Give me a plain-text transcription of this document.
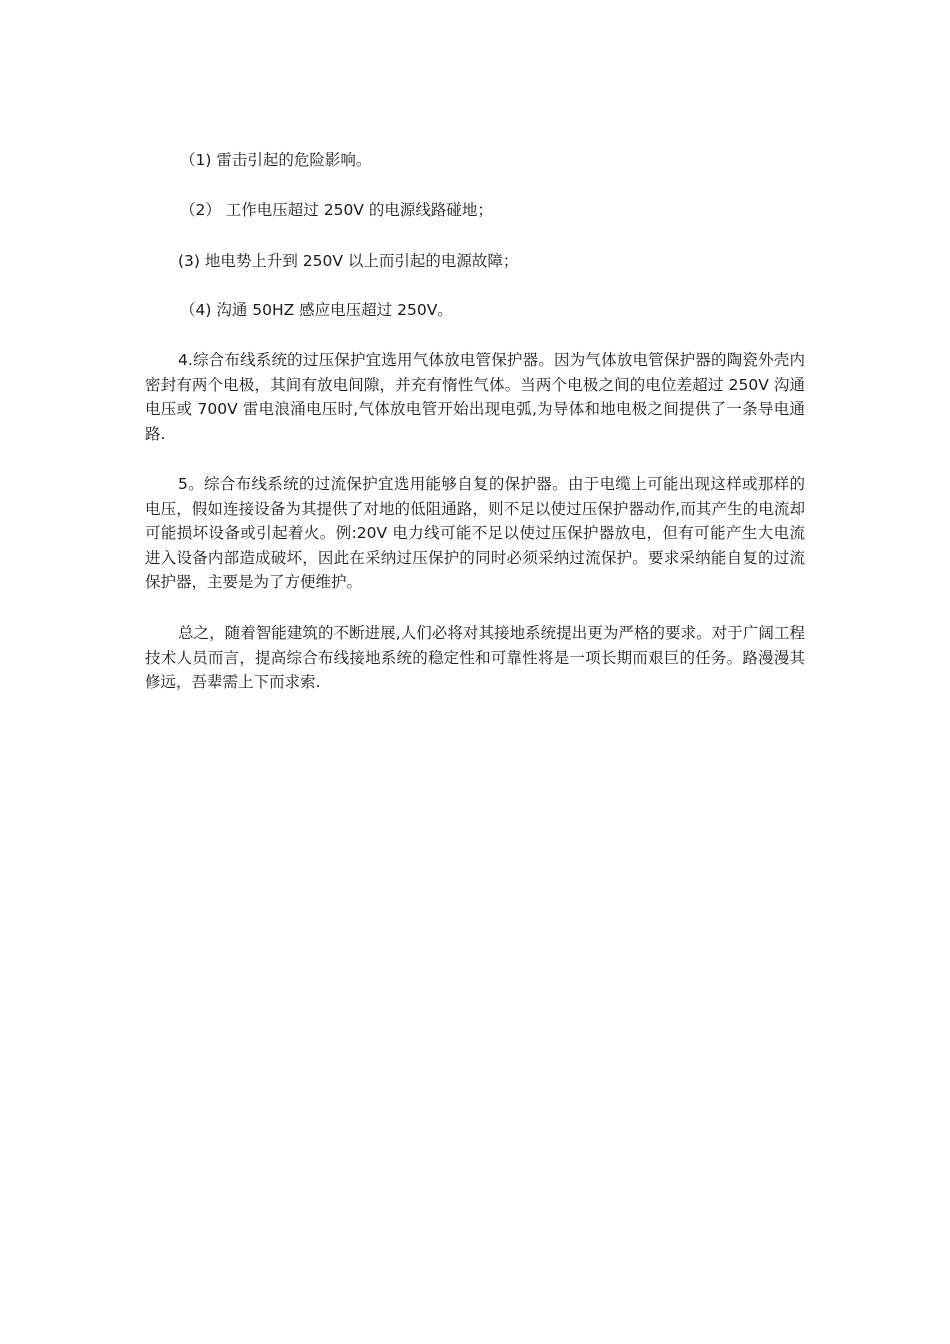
（1) 雷击引起的危险影响。

（2） 工作电压超过 250V 的电源线路碰地；

(3) 地电势上升到 250V 以上而引起的电源故障；

（4) 沟通 50HZ 感应电压超过 250V。

4.综合布线系统的过压保护宜选用气体放电管保护器。因为气体放电管保护器的陶瓷外壳内密封有两个电极，其间有放电间隙，并充有惰性气体。当两个电极之间的电位差超过 250V 沟通电压或 700V 雷电浪涌电压时,气体放电管开始出现电弧,为导体和地电极之间提供了一条导电通路.

5。综合布线系统的过流保护宜选用能够自复的保护器。由于电缆上可能出现这样或那样的电压，假如连接设备为其提供了对地的低阻通路，则不足以使过压保护器动作,而其产生的电流却可能损坏设备或引起着火。例:20V 电力线可能不足以使过压保护器放电，但有可能产生大电流进入设备内部造成破坏，因此在采纳过压保护的同时必须采纳过流保护。要求采纳能自复的过流保护器，主要是为了方便维护。

总之，随着智能建筑的不断进展,人们必将对其接地系统提出更为严格的要求。对于广阔工程技术人员而言，提高综合布线接地系统的稳定性和可靠性将是一项长期而艰巨的任务。路漫漫其修远，吾辈需上下而求索.
